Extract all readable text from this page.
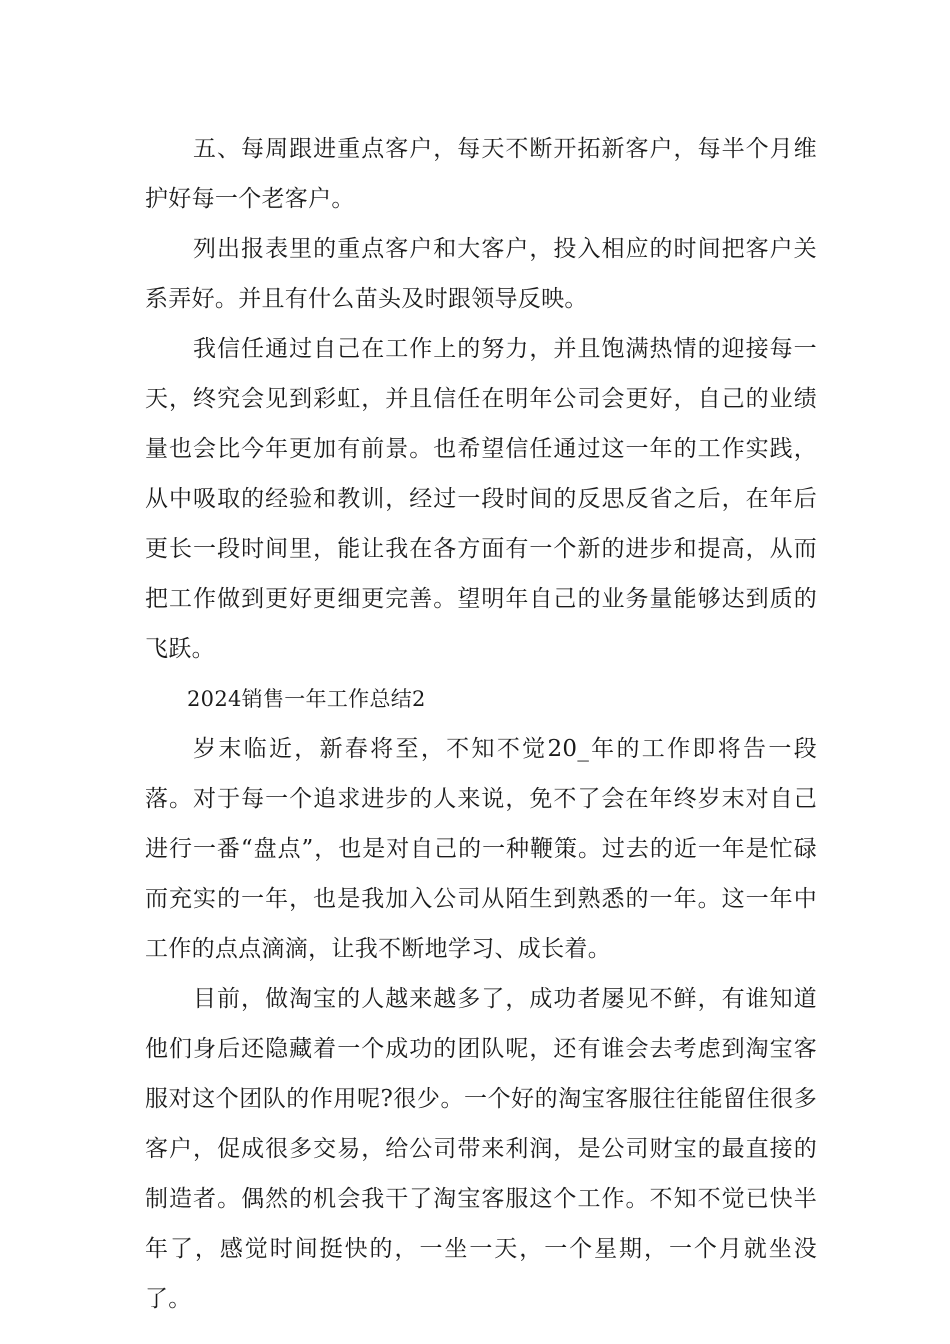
五、每周跟进重点客户，每天不断开拓新客户，每半个月维护好每一个老客户。

列出报表里的重点客户和大客户，投入相应的时间把客户关系弄好。并且有什么苗头及时跟领导反映。

我信任通过自己在工作上的努力，并且饱满热情的迎接每一天，终究会见到彩虹，并且信任在明年公司会更好，自己的业绩量也会比今年更加有前景。也希望信任通过这一年的工作实践，从中吸取的经验和教训，经过一段时间的反思反省之后，在年后更长一段时间里，能让我在各方面有一个新的进步和提高，从而把工作做到更好更细更完善。望明年自己的业务量能够达到质的飞跃。

2024销售一年工作总结2

岁末临近，新春将至，不知不觉20_年的工作即将告一段落。对于每一个追求进步的人来说，免不了会在年终岁末对自己进行一番“盘点”，也是对自己的一种鞭策。过去的近一年是忙碌而充实的一年，也是我加入公司从陌生到熟悉的一年。这一年中工作的点点滴滴，让我不断地学习、成长着。

目前，做淘宝的人越来越多了，成功者屡见不鲜，有谁知道他们身后还隐藏着一个成功的团队呢，还有谁会去考虑到淘宝客服对这个团队的作用呢?很少。一个好的淘宝客服往往能留住很多客户，促成很多交易，给公司带来利润，是公司财宝的最直接的制造者。偶然的机会我干了淘宝客服这个工作。不知不觉已快半年了，感觉时间挺快的，一坐一天，一个星期，一个月就坐没了。
